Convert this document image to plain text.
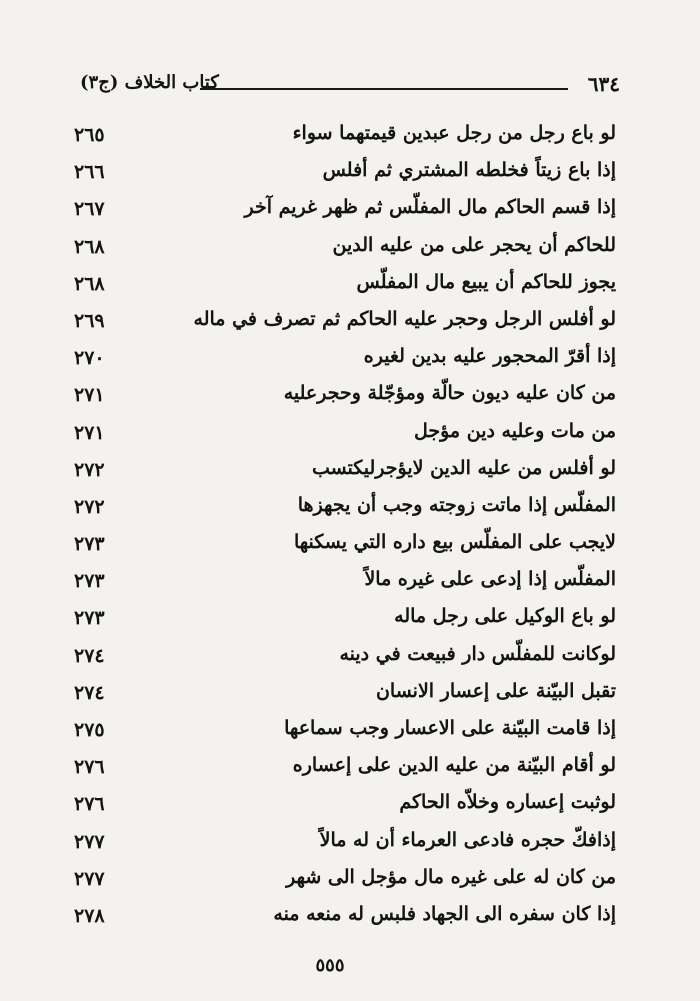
٦٣٤
كتاب الخلاف (ج٣)
لو باع رجل من رجل عبدين قيمتهما سواء
٢٦٥
إذا باع زيتاً فخلطه المشتري ثم أفلس
٢٦٦
إذا قسم الحاكم مال المفلّس ثم ظهر غريم آخر
٢٦٧
للحاكم أن يحجر على من عليه الدين
٢٦٨
يجوز للحاكم أن يبيع مال المفلّس
٢٦٨
لو أفلس الرجل وحجر عليه الحاكم ثم تصرف في ماله
٢٦٩
إذا أقرّ المحجور عليه بدين لغيره
٢٧٠
من كان عليه ديون حالّة ومؤجّلة وحجرعليه
٢٧١
من مات وعليه دين مؤجل
٢٧١
لو أفلس من عليه الدين لايؤجرليكتسب
٢٧٢
المفلّس إذا ماتت زوجته وجب أن يجهزها
٢٧٢
لايجب على المفلّس بيع داره التي يسكنها
٢٧٣
المفلّس إذا إدعى على غيره مالاً
٢٧٣
لو باع الوكيل على رجل ماله
٢٧٣
لوكانت للمفلّس دار فبيعت في دينه
٢٧٤
تقبل البيّنة على إعسار الانسان
٢٧٤
إذا قامت البيّنة على الاعسار وجب سماعها
٢٧٥
لو أقام البيّنة من عليه الدين على إعساره
٢٧٦
لوثبت إعساره وخلاّه الحاكم
٢٧٦
إذافكّ حجره فادعى العرماء أن له مالاً
٢٧٧
من كان له على غيره مال مؤجل الى شهر
٢٧٧
إذا كان سفره الى الجهاد فلبس له منعه منه
٢٧٨
٥٥٥
